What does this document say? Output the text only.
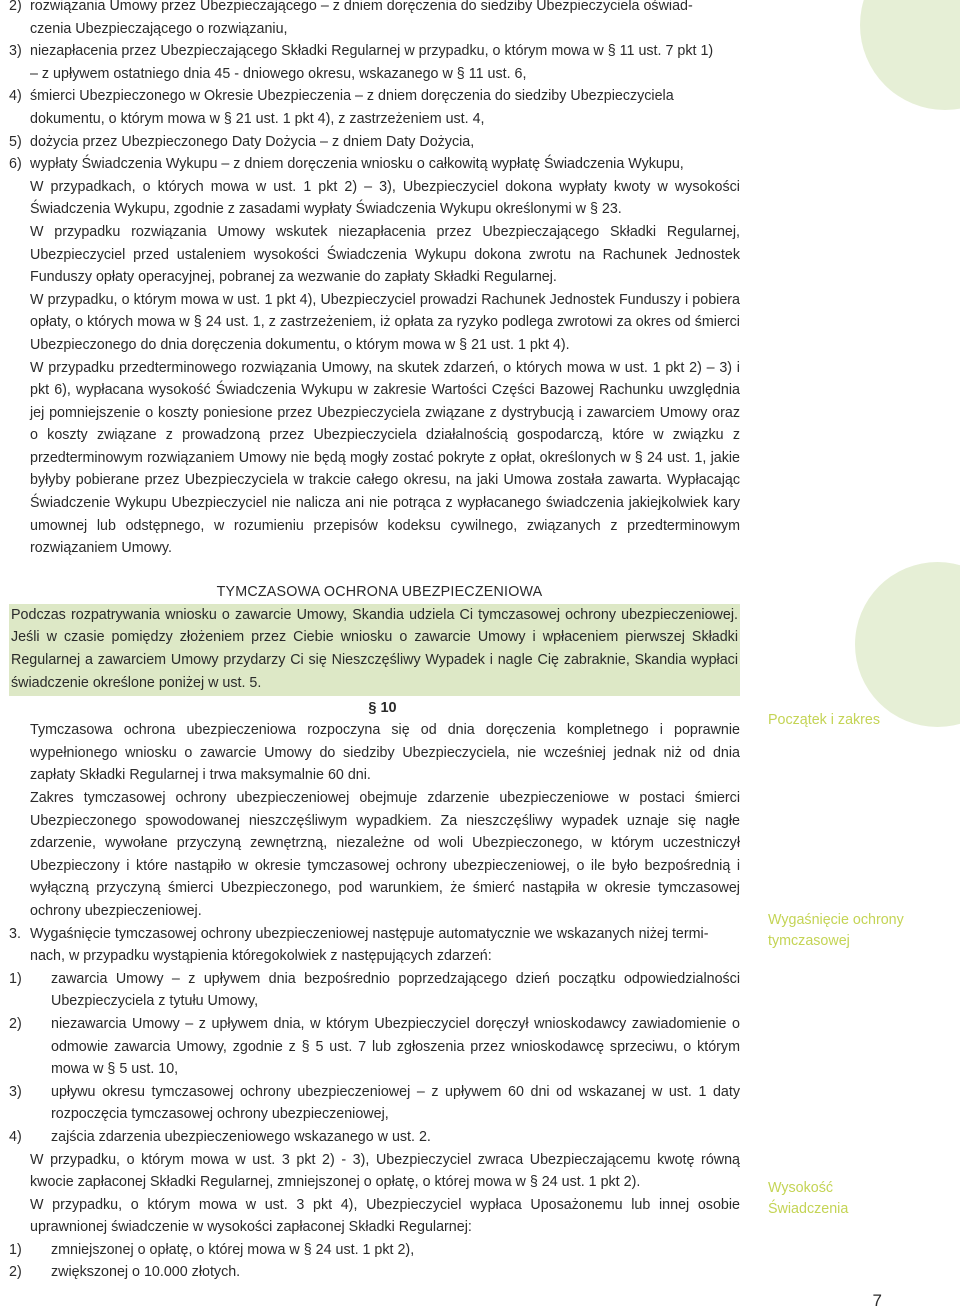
2) rozwiązania Umowy przez Ubezpieczającego – z dniem doręczenia do siedziby Ubezpieczyciela oświad-

czenia Ubezpieczającego o rozwiązaniu,

3) niezapłacenia przez Ubezpieczającego Składki Regularnej w przypadku, o którym mowa w § 11 ust. 7 pkt 1)

– z upływem ostatniego dnia 45 - dniowego okresu, wskazanego w § 11 ust. 6,

4) śmierci Ubezpieczonego w Okresie Ubezpieczenia – z dniem doręczenia do siedziby Ubezpieczyciela

dokumentu, o którym mowa w § 21 ust. 1 pkt 4), z zastrzeżeniem ust. 4,

5) dożycia przez Ubezpieczonego Daty Dożycia – z dniem Daty Dożycia,

6) wypłaty Świadczenia Wykupu – z dniem doręczenia wniosku o całkowitą wypłatę Świadczenia Wykupu,

W przypadkach, o których mowa w ust. 1 pkt 2) – 3), Ubezpieczyciel dokona wypłaty kwoty w wysokości Świadczenia Wykupu, zgodnie z zasadami wypłaty Świadczenia Wykupu określonymi w § 23.

W przypadku rozwiązania Umowy wskutek niezapłacenia przez Ubezpieczającego Składki Regularnej, Ubezpieczyciel przed ustaleniem wysokości Świadczenia Wykupu dokona zwrotu na Rachunek Jednostek Funduszy opłaty operacyjnej, pobranej za wezwanie do zapłaty Składki Regularnej.

W przypadku, o którym mowa w ust. 1 pkt 4), Ubezpieczyciel prowadzi Rachunek Jednostek Funduszy i pobiera opłaty, o których mowa w § 24 ust. 1, z zastrzeżeniem, iż opłata za ryzyko podlega zwrotowi za okres od śmierci Ubezpieczonego do dnia doręczenia dokumentu, o którym mowa w § 21 ust. 1 pkt 4).

W przypadku przedterminowego rozwiązania Umowy, na skutek zdarzeń, o których mowa w ust. 1 pkt 2) – 3) i pkt 6), wypłacana wysokość Świadczenia Wykupu w zakresie Wartości Części Bazowej Rachunku uwzględnia jej pomniejszenie o koszty poniesione przez Ubezpieczyciela związane z dystrybucją i zawarciem Umowy oraz o koszty związane z prowadzoną przez Ubezpieczyciela działalnością gospodarczą, które w związku z przedterminowym rozwiązaniem Umowy nie będą mogły zostać pokryte z opłat, określonych w § 24 ust. 1, jakie byłyby pobierane przez Ubezpieczyciela w trakcie całego okresu, na jaki Umowa została zawarta. Wypłacając Świadczenie Wykupu Ubezpieczyciel nie nalicza ani nie potrąca z wypłacanego świadczenia jakiejkolwiek kary umownej lub odstępnego, w rozumieniu przepisów kodeksu cywilnego, związanych z przedterminowym rozwiązaniem Umowy.

TYMCZASOWA OCHRONA UBEZPIECZENIOWA
Podczas rozpatrywania wniosku o zawarcie Umowy, Skandia udziela Ci tymczasowej ochrony ubezpieczeniowej. Jeśli w czasie pomiędzy złożeniem przez Ciebie wniosku o zawarcie Umowy i wpłaceniem pierwszej Składki Regularnej a zawarciem Umowy przydarzy Ci się Nieszczęśliwy Wypadek i nagle Cię zabraknie, Skandia wypłaci świadczenie określone poniżej w ust. 5.
§ 10

Tymczasowa ochrona ubezpieczeniowa rozpoczyna się od dnia doręczenia kompletnego i poprawnie wypełnionego wniosku o zawarcie Umowy do siedziby Ubezpieczyciela, nie wcześniej jednak niż od dnia zapłaty Składki Regularnej i trwa maksymalnie 60 dni.

Zakres tymczasowej ochrony ubezpieczeniowej obejmuje zdarzenie ubezpieczeniowe w postaci śmierci Ubezpieczonego spowodowanej nieszczęśliwym wypadkiem. Za nieszczęśliwy wypadek uznaje się nagłe zdarzenie, wywołane przyczyną zewnętrzną, niezależne od woli Ubezpieczonego, w którym uczestniczył Ubezpieczony i które nastąpiło w okresie tymczasowej ochrony ubezpieczeniowej, o ile było bezpośrednią i wyłączną przyczyną śmierci Ubezpieczonego, pod warunkiem, że śmierć nastąpiła w okresie tymczasowej ochrony ubezpieczeniowej.

3. Wygaśnięcie tymczasowej ochrony ubezpieczeniowej następuje automatycznie we wskazanych niżej termi-

nach, w przypadku wystąpienia któregokolwiek z następujących zdarzeń:

1) zawarcia Umowy – z upływem dnia bezpośrednio poprzedzającego dzień początku odpowiedzialności Ubezpieczyciela z tytułu Umowy,

2) niezawarcia Umowy – z upływem dnia, w którym Ubezpieczyciel doręczył wnioskodawcy zawiadomienie o odmowie zawarcia Umowy, zgodnie z § 5 ust. 7 lub zgłoszenia przez wnioskodawcę sprzeciwu, o którym mowa w § 5 ust. 10,

3) upływu okresu tymczasowej ochrony ubezpieczeniowej – z upływem 60 dni od wskazanej w ust. 1 daty rozpoczęcia tymczasowej ochrony ubezpieczeniowej,

4) zajścia zdarzenia ubezpieczeniowego wskazanego w ust. 2.

W przypadku, o którym mowa w ust. 3 pkt 2) - 3), Ubezpieczyciel zwraca Ubezpieczającemu kwotę równą kwocie zapłaconej Składki Regularnej, zmniejszonej o opłatę, o której mowa w § 24 ust. 1 pkt 2).

W przypadku, o którym mowa w ust. 3 pkt 4), Ubezpieczyciel wypłaca Uposażonemu lub innej osobie uprawnionej świadczenie w wysokości zapłaconej Składki Regularnej:

1) zmniejszonej o opłatę, o której mowa w § 24 ust. 1 pkt 2),

2) zwiększonej o 10.000 złotych.

Początek i zakres
Wygaśnięcie ochrony
tymczasowej
Wysokość
Świadczenia
7
